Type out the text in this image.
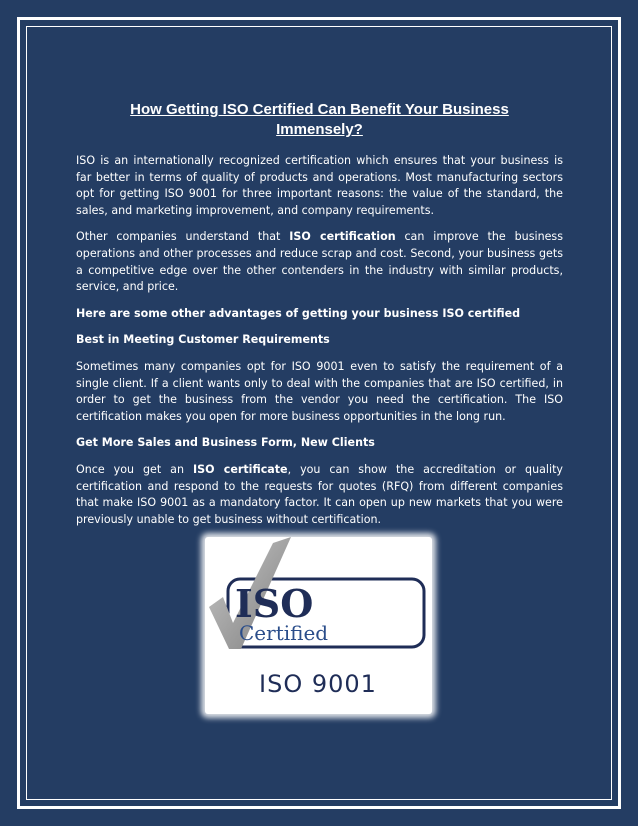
How Getting ISO Certified Can Benefit Your Business Immensely?

ISO is an internationally recognized certification which ensures that your business is far better in terms of quality of products and operations. Most manufacturing sectors opt for getting ISO 9001 for three important reasons: the value of the standard, the sales, and marketing improvement, and company requirements.

Other companies understand that ISO certification can improve the business operations and other processes and reduce scrap and cost. Second, your business gets a competitive edge over the other contenders in the industry with similar products, service, and price.

Here are some other advantages of getting your business ISO certified

Best in Meeting Customer Requirements

Sometimes many companies opt for ISO 9001 even to satisfy the requirement of a single client. If a client wants only to deal with the companies that are ISO certified, in order to get the business from the vendor you need the certification. The ISO certification makes you open for more business opportunities in the long run.

Get More Sales and Business Form, New Clients

Once you get an ISO certificate, you can show the accreditation or quality certification and respond to the requests for quotes (RFQ) from different companies that make ISO 9001 as a mandatory factor. It can open up new markets that you were previously unable to get business without certification.

ISO
Certified
ISO 9001
